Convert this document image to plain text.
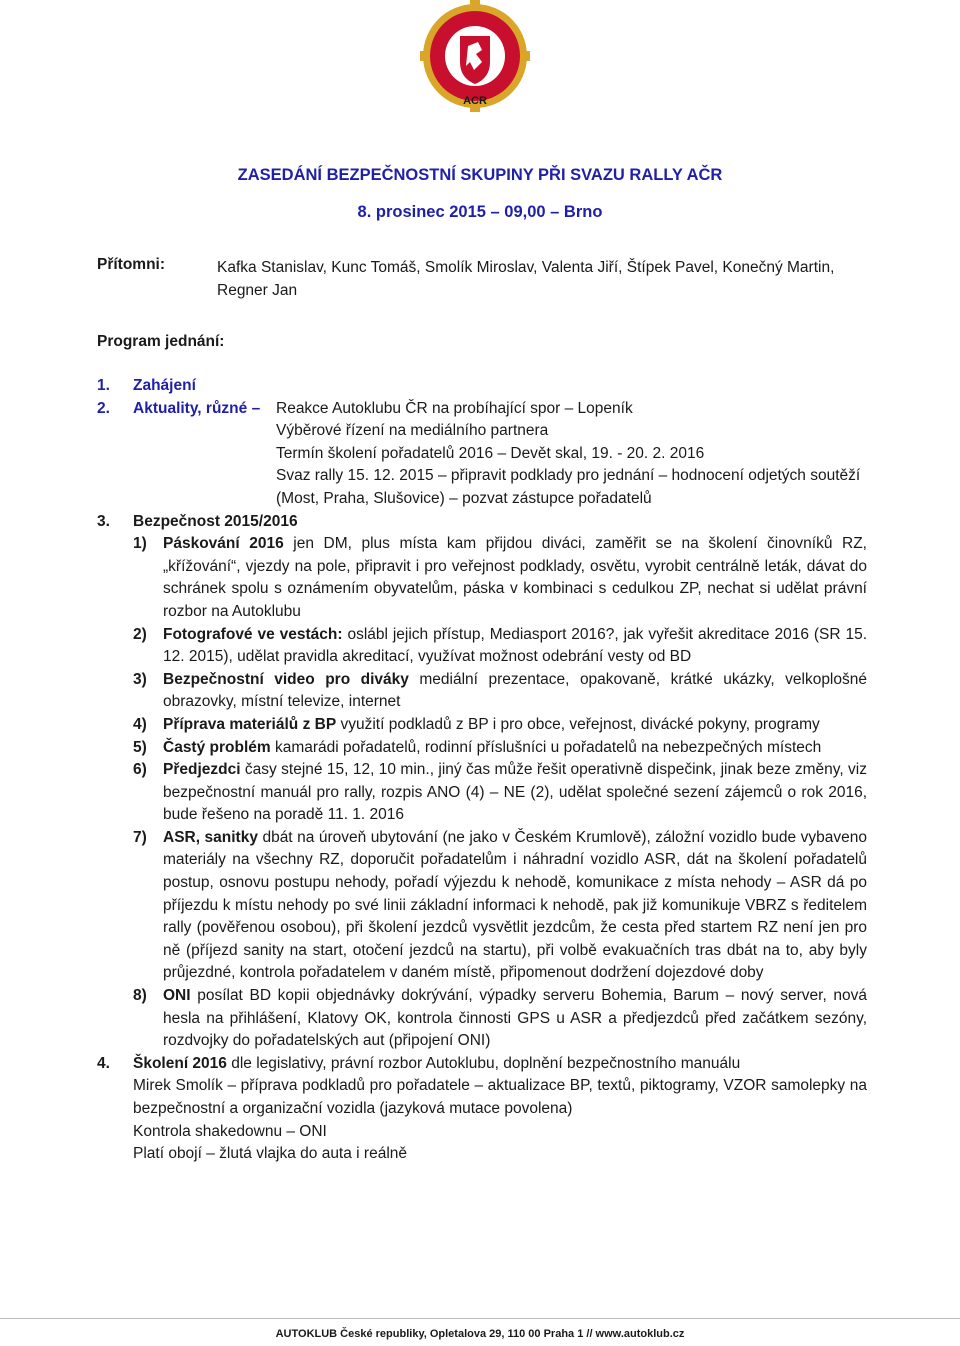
ACR
ZASEDÁNÍ BEZPEČNOSTNÍ SKUPINY PŘI SVAZU RALLY AČR
8. prosinec 2015 – 09,00 – Brno
Přítomni:	Kafka Stanislav, Kunc Tomáš, Smolík Miroslav, Valenta Jiří, Štípek Pavel, Konečný Martin, Regner Jan
Program jednání:
1. Zahájení
2. Aktuality, různé – Reakce Autoklubu ČR na probíhající spor – Lopeník
Výběrové řízení na mediálního partnera
Termín školení pořadatelů 2016 – Devět skal, 19. - 20. 2. 2016
Svaz rally 15. 12. 2015 – připravit podklady pro jednání – hodnocení odjetých soutěží (Most, Praha, Slušovice) – pozvat zástupce pořadatelů
3. Bezpečnost 2015/2016
1) Páskování 2016 jen DM, plus místa kam přijdou diváci, zaměřit se na školení činovníků RZ, „křížování“, vjezdy na pole, připravit i pro veřejnost podklady, osvětu, vyrobit centrálně leták, dávat do schránek spolu s oznámením obyvatelům, páska v kombinaci s cedulkou ZP, nechat si udělat právní rozbor na Autoklubu
2) Fotografové ve vestách: oslábl jejich přístup, Mediasport 2016?, jak vyřešit akreditace 2016 (SR 15. 12. 2015), udělat pravidla akreditací, využívat možnost odebrání vesty od BD
3) Bezpečnostní video pro diváky mediální prezentace, opakovaně, krátké ukázky, velkoplošné obrazovky, místní televize, internet
4) Příprava materiálů z BP využití podkladů z BP i pro obce, veřejnost, divácké pokyny, programy
5) Častý problém kamarádi pořadatelů, rodinní příslušníci u pořadatelů na nebezpečných místech
6) Předjezdci časy stejné 15, 12, 10 min., jiný čas může řešit operativně dispečink, jinak beze změny, viz bezpečnostní manuál pro rally, rozpis ANO (4) – NE (2), udělat společné sezení zájemců o rok 2016, bude řešeno na poradě 11. 1. 2016
7) ASR, sanitky dbát na úroveň ubytování (ne jako v Českém Krumlově), záložní vozidlo bude vybaveno materiály na všechny RZ, doporučit pořadatelům i náhradní vozidlo ASR, dát na školení pořadatelů postup, osnovu postupu nehody, pořadí výjezdu k nehodě, komunikace z místa nehody – ASR dá po příjezdu k místu nehody po své linii základní informaci k nehodě, pak již komunikuje VBRZ s ředitelem rally (pověřenou osobou), při školení jezdců vysvětlit jezdcům, že cesta před startem RZ není jen pro ně (příjezd sanity na start, otočení jezdců na startu), při volbě evakuačních tras dbát na to, aby byly průjezdné, kontrola pořadatelem v daném místě, připomenout dodržení dojezdové doby
8) ONI posílat BD kopii objednávky dokrývání, výpadky serveru Bohemia, Barum – nový server, nová hesla na přihlášení, Klatovy OK, kontrola činnosti GPS u ASR a předjezdců před začátkem sezóny, rozdvojky do pořadatelských aut (připojení ONI)
4. Školení 2016 dle legislativy, právní rozbor Autoklubu, doplnění bezpečnostního manuálu
Mirek Smolík – příprava podkladů pro pořadatele – aktualizace BP, textů, piktogramy, VZOR samolepky na bezpečnostní a organizační vozidla (jazyková mutace povolena)
Kontrola shakedownu – ONI
Platí obojí – žlutá vlajka do auta i reálně
AUTOKLUB České republiky, Opletalova 29, 110 00 Praha 1 // www.autoklub.cz
